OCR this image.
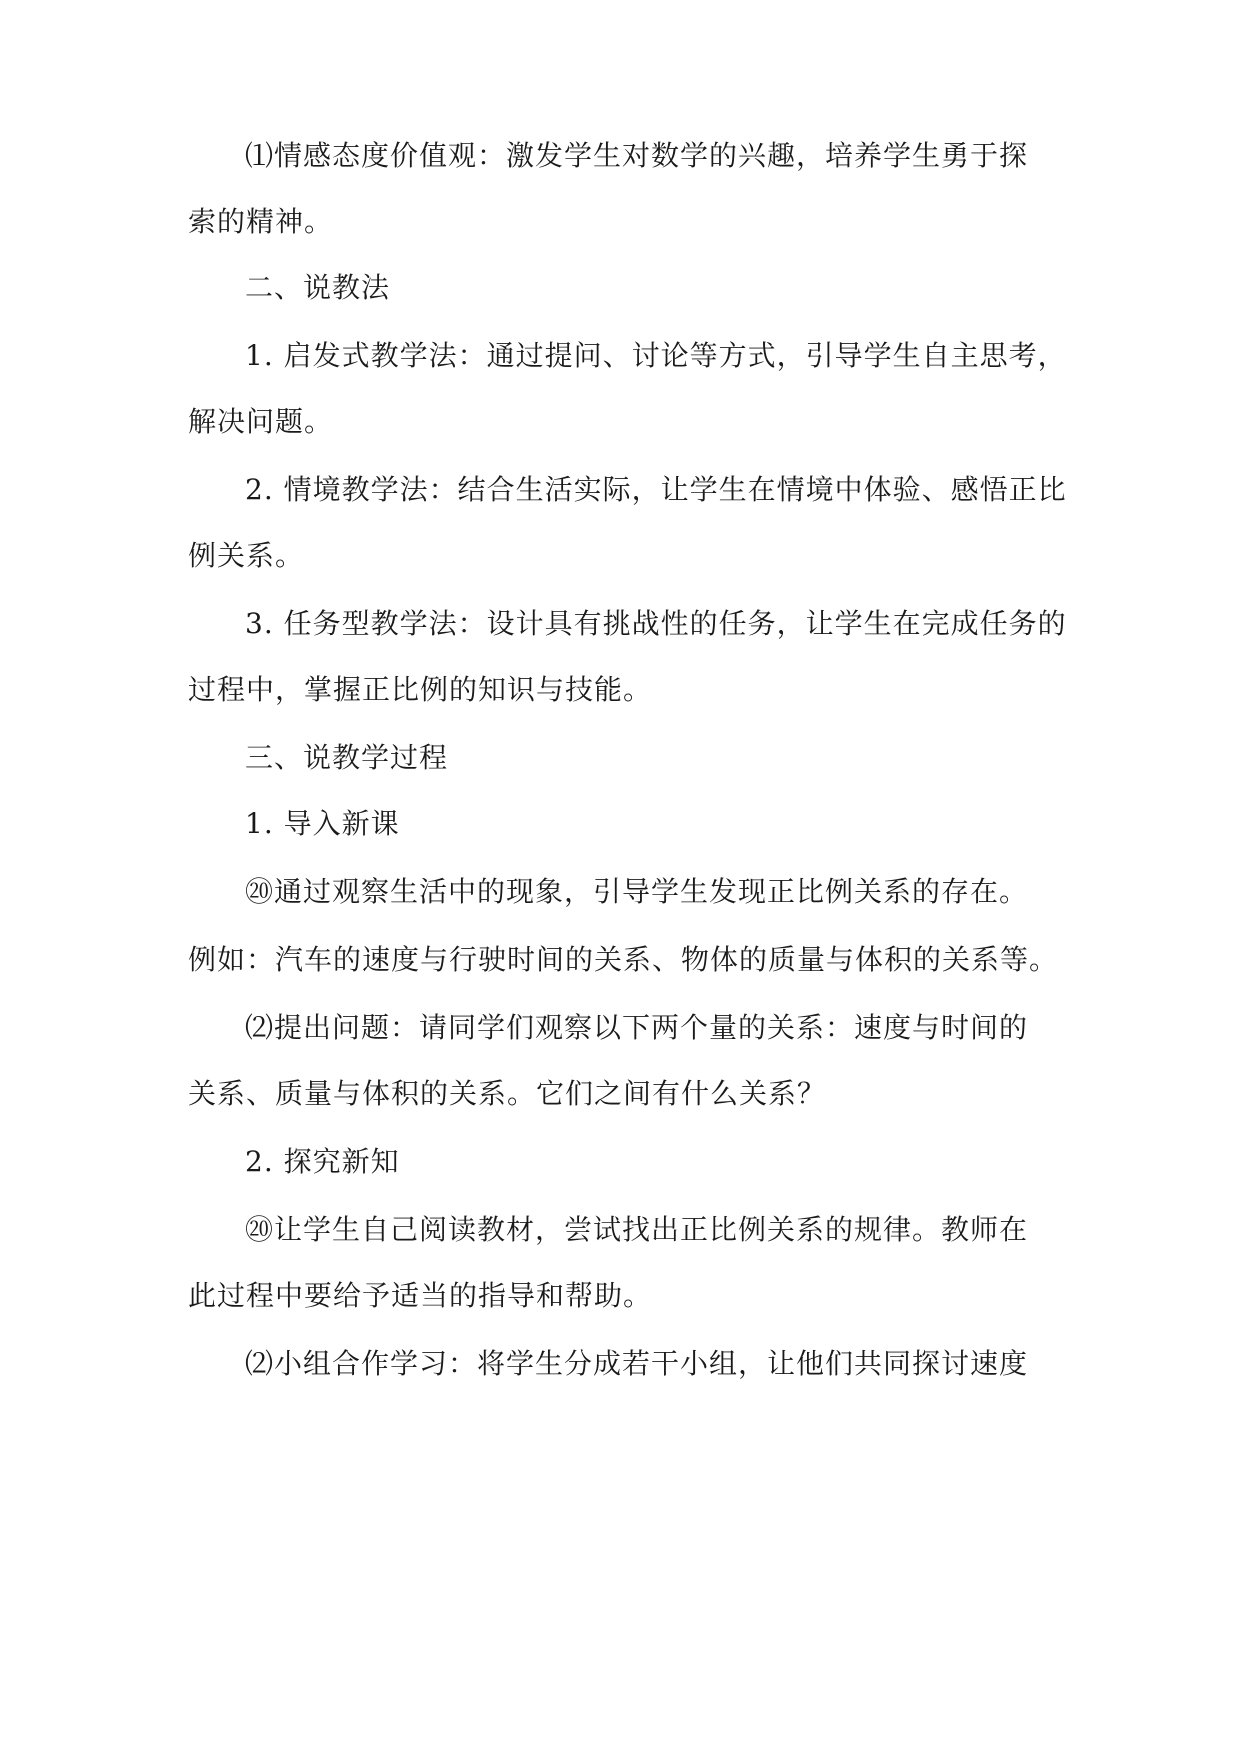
⑴情感态度价值观：激发学生对数学的兴趣，培养学生勇于探

索的精神。

二、说教法

1. 启发式教学法：通过提问、讨论等方式，引导学生自主思考，

解决问题。

2. 情境教学法：结合生活实际，让学生在情境中体验、感悟正比

例关系。

3. 任务型教学法：设计具有挑战性的任务，让学生在完成任务的

过程中，掌握正比例的知识与技能。

三、说教学过程

1. 导入新课

⑳通过观察生活中的现象，引导学生发现正比例关系的存在。

例如：汽车的速度与行驶时间的关系、物体的质量与体积的关系等。

⑵提出问题：请同学们观察以下两个量的关系：速度与时间的

关系、质量与体积的关系。它们之间有什么关系？

2. 探究新知

⑳让学生自己阅读教材，尝试找出正比例关系的规律。教师在

此过程中要给予适当的指导和帮助。

⑵小组合作学习：将学生分成若干小组，让他们共同探讨速度
